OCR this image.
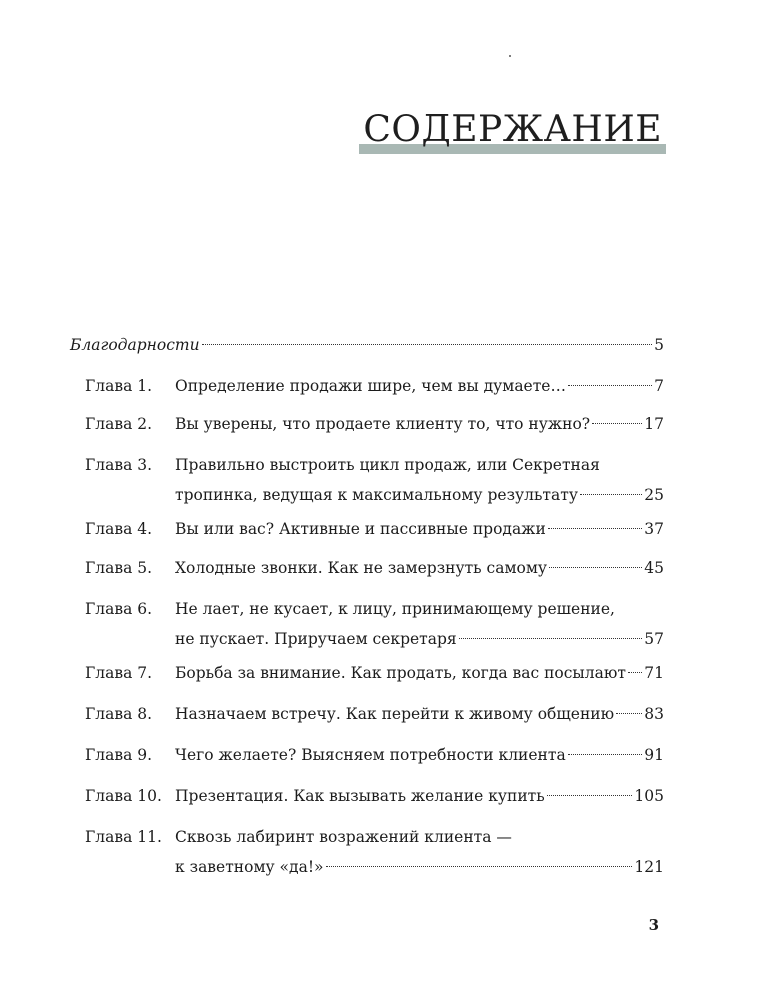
СОДЕРЖАНИЕ
Благодарности	5
Глава 1.	Определение продажи шире, чем вы думаете…	7
Глава 2.	Вы уверены, что продаете клиенту то, что нужно?	17
Глава 3.	Правильно выстроить цикл продаж, или Секретная
тропинка, ведущая к максимальному результату	25
Глава 4.	Вы или вас? Активные и пассивные продажи	37
Глава 5.	Холодные звонки. Как не замерзнуть самому	45
Глава 6.	Не лает, не кусает, к лицу, принимающему решение,
не пускает. Приручаем секретаря	57
Глава 7.	Борьба за внимание. Как продать, когда вас посылают 71
Глава 8.	Назначаем встречу. Как перейти к живому общению 83
Глава 9.	Чего желаете? Выясняем потребности клиента	91
Глава 10. Презентация. Как вызывать желание купить	105
Глава 11. Сквозь лабиринт возражений клиента —
к заветному «да!»	121
3
